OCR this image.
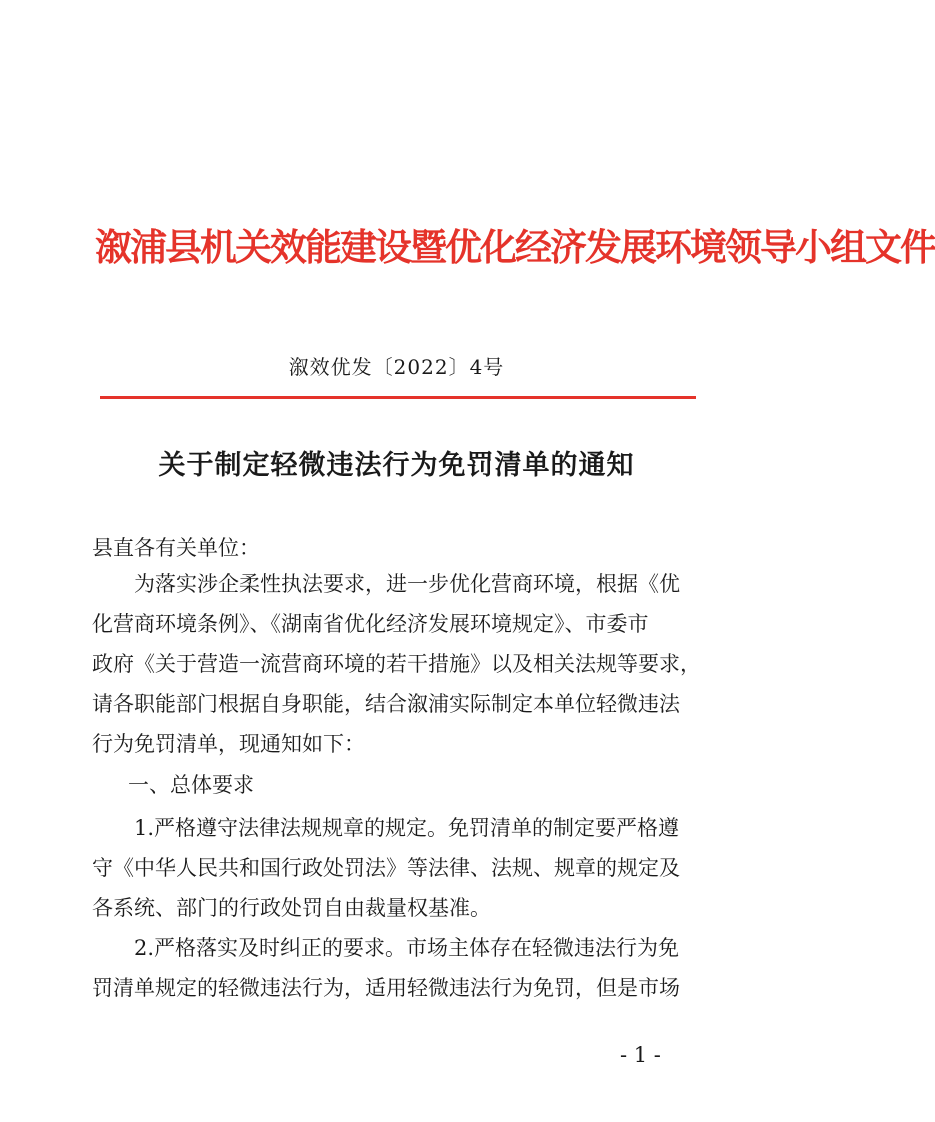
溆浦县机关效能建设暨优化经济发展环境领导小组文件
溆效优发〔2022〕4号
关于制定轻微违法行为免罚清单的通知
县直各有关单位：
为落实涉企柔性执法要求，进一步优化营商环境，根据《优
化营商环境条例》、《湖南省优化经济发展环境规定》、市委市
政府《关于营造一流营商环境的若干措施》以及相关法规等要求，
请各职能部门根据自身职能，结合溆浦实际制定本单位轻微违法
行为免罚清单，现通知如下：
一、总体要求
1.严格遵守法律法规规章的规定。免罚清单的制定要严格遵
守《中华人民共和国行政处罚法》等法律、法规、规章的规定及
各系统、部门的行政处罚自由裁量权基准。
2.严格落实及时纠正的要求。市场主体存在轻微违法行为免
罚清单规定的轻微违法行为，适用轻微违法行为免罚，但是市场
- 1 -
